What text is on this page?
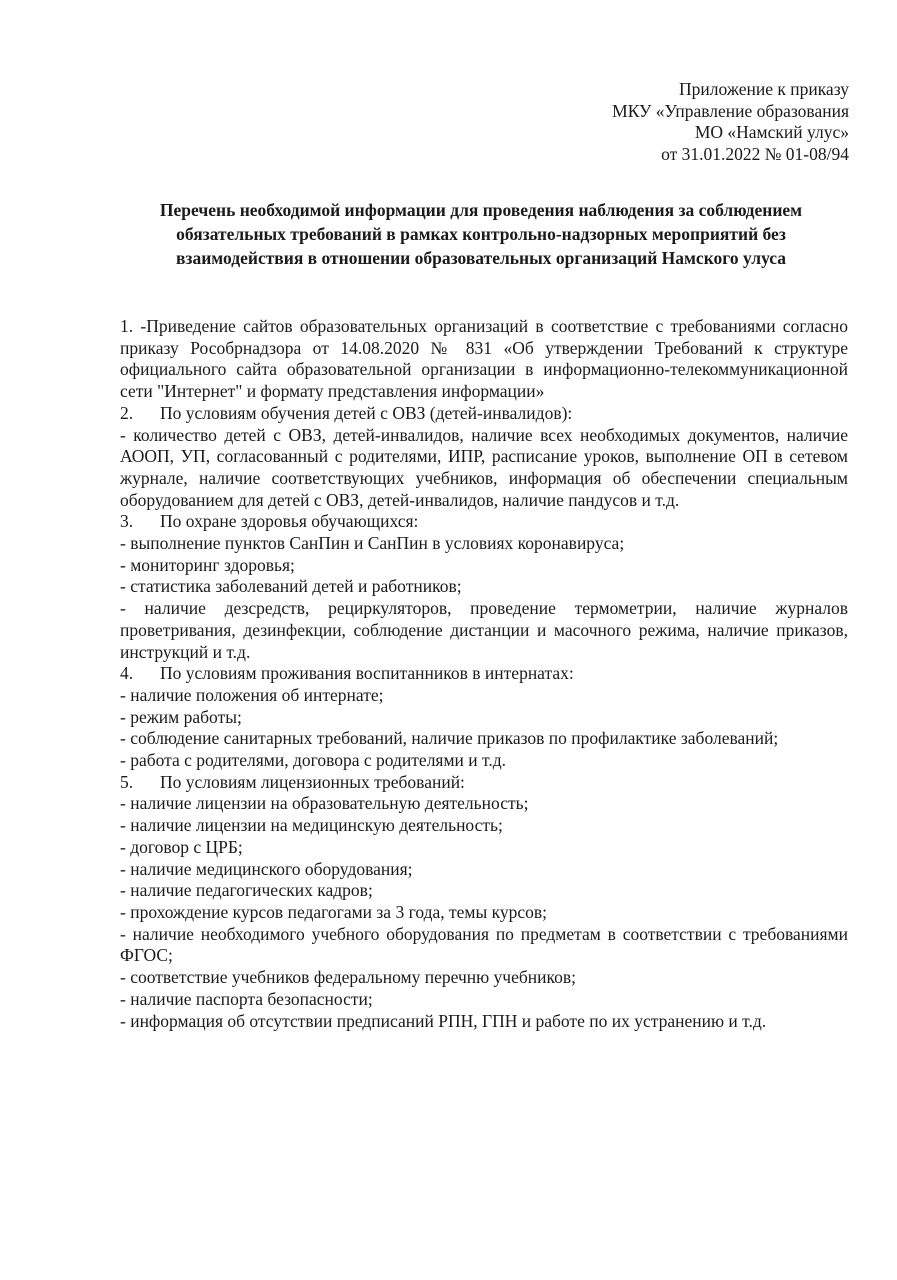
Приложение к приказу
МКУ «Управление образования
МО «Намский улус»
от 31.01.2022 № 01-08/94
Перечень необходимой информации для проведения наблюдения за соблюдением
обязательных требований в рамках контрольно-надзорных мероприятий без
взаимодействия в отношении образовательных организаций Намского улуса

1. -Приведение сайтов образовательных организаций в соответствие с требованиями согласно приказу Рособрнадзора от 14.08.2020 № 831 «Об утверждении Требований к структуре официального сайта образовательной организации в информационно-телекоммуникационной сети "Интернет" и формату представления информации»

2. По условиям обучения детей с ОВЗ (детей-инвалидов):

- количество детей с ОВЗ, детей-инвалидов, наличие всех необходимых документов, наличие АООП, УП, согласованный с родителями, ИПР, расписание уроков, выполнение ОП в сетевом журнале, наличие соответствующих учебников, информация об обеспечении специальным оборудованием для детей с ОВЗ, детей-инвалидов, наличие пандусов и т.д.

3. По охране здоровья обучающихся:

- выполнение пунктов СанПин и СанПин в условиях коронавируса;

- мониторинг здоровья;

- статистика заболеваний детей и работников;

- наличие дезсредств, рециркуляторов, проведение термометрии, наличие журналов проветривания, дезинфекции, соблюдение дистанции и масочного режима, наличие приказов, инструкций и т.д.

4. По условиям проживания воспитанников в интернатах:

- наличие положения об интернате;

- режим работы;

- соблюдение санитарных требований, наличие приказов по профилактике заболеваний;

- работа с родителями, договора с родителями и т.д.

5. По условиям лицензионных требований:

- наличие лицензии на образовательную деятельность;

- наличие лицензии на медицинскую деятельность;

- договор с ЦРБ;

- наличие медицинского оборудования;

- наличие педагогических кадров;

- прохождение курсов педагогами за 3 года, темы курсов;

- наличие необходимого учебного оборудования по предметам в соответствии с требованиями ФГОС;

- соответствие учебников федеральному перечню учебников;

- наличие паспорта безопасности;

- информация об отсутствии предписаний РПН, ГПН и работе по их устранению и т.д.
